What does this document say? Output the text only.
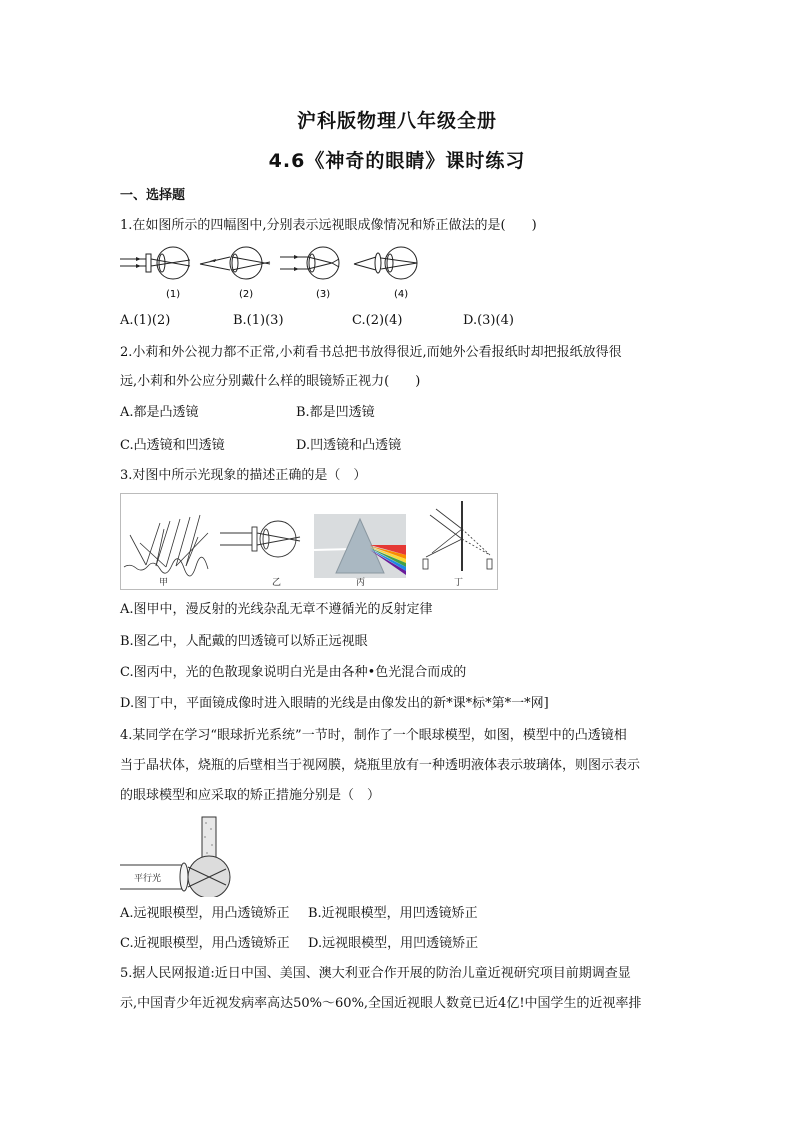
沪科版物理八年级全册
4.6《神奇的眼睛》课时练习
一、选择题
1.在如图所示的四幅图中,分别表示远视眼成像情况和矫正做法的是(　　)
(1)	(2)	(3)	(4)
A.(1)(2)	B.(1)(3)	C.(2)(4)	D.(3)(4)
2.小莉和外公视力都不正常,小莉看书总把书放得很近,而她外公看报纸时却把报纸放得很
远,小莉和外公应分别戴什么样的眼镜矫正视力(　　)
A.都是凸透镜	B.都是凹透镜
C.凸透镜和凹透镜	D.凹透镜和凸透镜
3.对图中所示光现象的描述正确的是（　）
甲	乙	丙	丁
A.图甲中，漫反射的光线杂乱无章不遵循光的反射定律
B.图乙中，人配戴的凹透镜可以矫正远视眼
C.图丙中，光的色散现象说明白光是由各种•色光混合而成的
D.图丁中，平面镜成像时进入眼睛的光线是由像发出的新*课*标*第*一*网]
4.某同学在学习“眼球折光系统”一节时，制作了一个眼球模型，如图，模型中的凸透镜相
当于晶状体，烧瓶的后壁相当于视网膜，烧瓶里放有一种透明液体表示玻璃体，则图示表示
的眼球模型和应采取的矫正措施分别是（　）
平行光
A.远视眼模型，用凸透镜矫正 B.近视眼模型，用凹透镜矫正
C.近视眼模型，用凸透镜矫正 D.远视眼模型，用凹透镜矫正
5.据人民网报道:近日中国、美国、澳大利亚合作开展的防治儿童近视研究项目前期调查显
示,中国青少年近视发病率高达50%～60%,全国近视眼人数竟已近4亿!中国学生的近视率排
